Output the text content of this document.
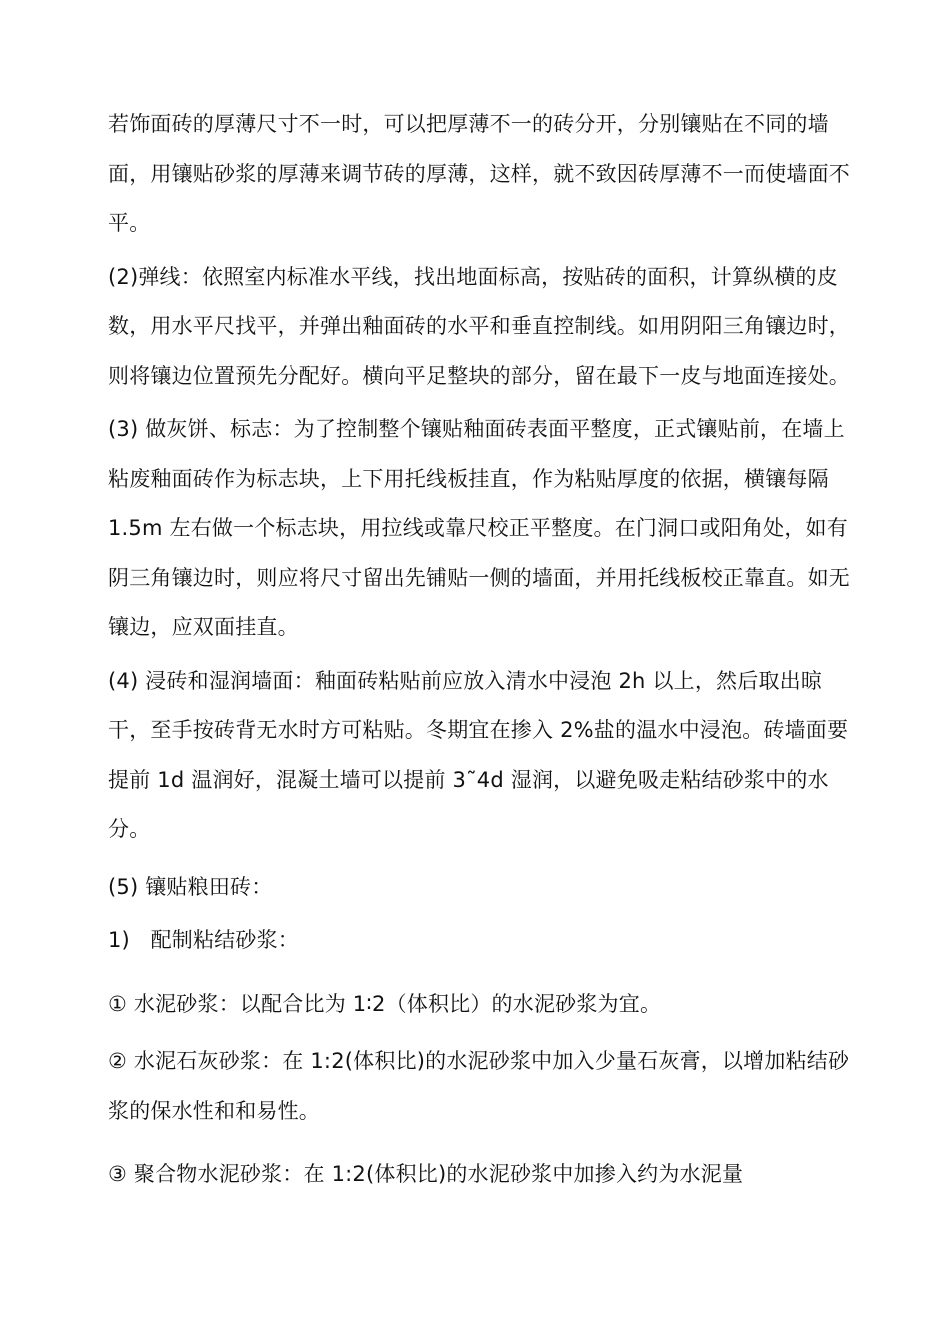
若饰面砖的厚薄尺寸不一时，可以把厚薄不一的砖分开，分别镶贴在不同的墙面，用镶贴砂浆的厚薄来调节砖的厚薄，这样，就不致因砖厚薄不一而使墙面不平。

(2)弹线：依照室内标准水平线，找出地面标高，按贴砖的面积，计算纵横的皮数，用水平尺找平，并弹出釉面砖的水平和垂直控制线。如用阴阳三角镶边时，则将镶边位置预先分配好。横向平足整块的部分，留在最下一皮与地面连接处。

(3) 做灰饼、标志：为了控制整个镶贴釉面砖表面平整度，正式镶贴前，在墙上粘废釉面砖作为标志块，上下用托线板挂直，作为粘贴厚度的依据，横镶每隔 1.5m 左右做一个标志块，用拉线或靠尺校正平整度。在门洞口或阳角处，如有阴三角镶边时，则应将尺寸留出先铺贴一侧的墙面，并用托线板校正靠直。如无镶边，应双面挂直。

(4) 浸砖和湿润墙面：釉面砖粘贴前应放入清水中浸泡 2h 以上，然后取出晾干，至手按砖背无水时方可粘贴。冬期宜在掺入 2%盐的温水中浸泡。砖墙面要提前 1d 温润好，混凝土墙可以提前 3˜4d 湿润，以避免吸走粘结砂浆中的水分。

(5) 镶贴粮田砖：

1)   配制粘结砂浆：

① 水泥砂浆：以配合比为 1∶2（体积比）的水泥砂浆为宜。

② 水泥石灰砂浆：在 1:2(体积比)的水泥砂浆中加入少量石灰膏，以增加粘结砂浆的保水性和和易性。

③ 聚合物水泥砂浆：在 1:2(体积比)的水泥砂浆中加掺入约为水泥量
